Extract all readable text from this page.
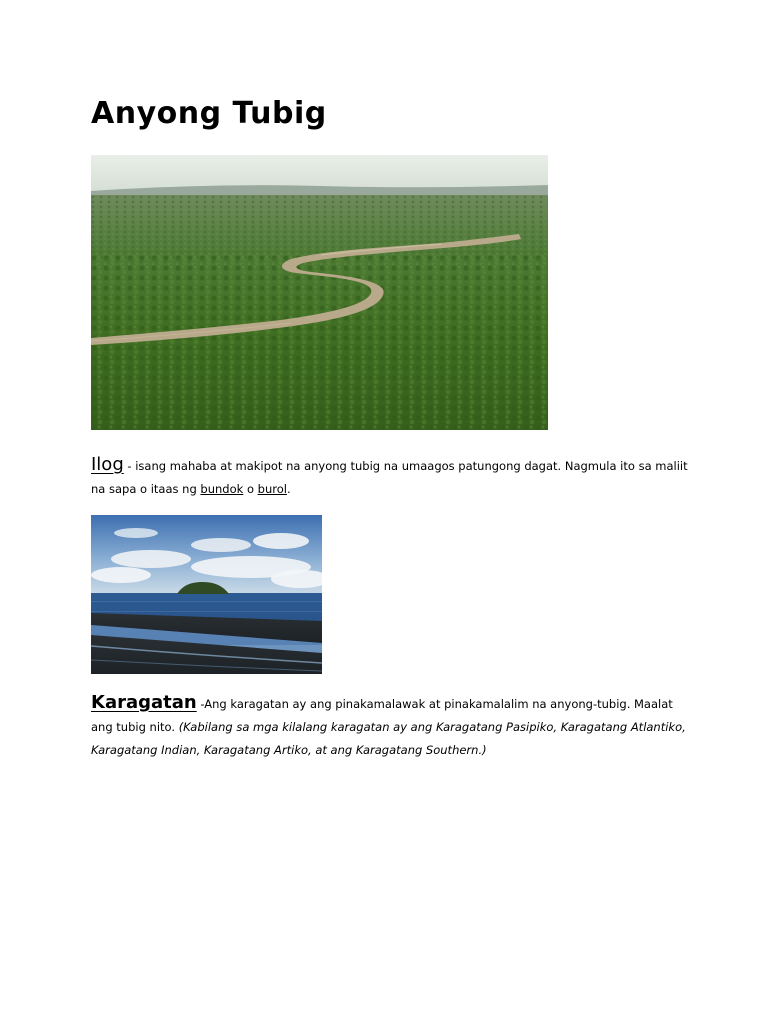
Anyong Tubig

Ilog - isang mahaba at makipot na anyong tubig na umaagos patungong dagat. Nagmula ito sa maliit na sapa o itaas ng bundok o burol.

Karagatan -Ang karagatan ay ang pinakamalawak at pinakamalalim na anyong-tubig. Maalat ang tubig nito. (Kabilang sa mga kilalang karagatan ay ang Karagatang Pasipiko, Karagatang Atlantiko, Karagatang Indian, Karagatang Artiko, at ang Karagatang Southern.)
